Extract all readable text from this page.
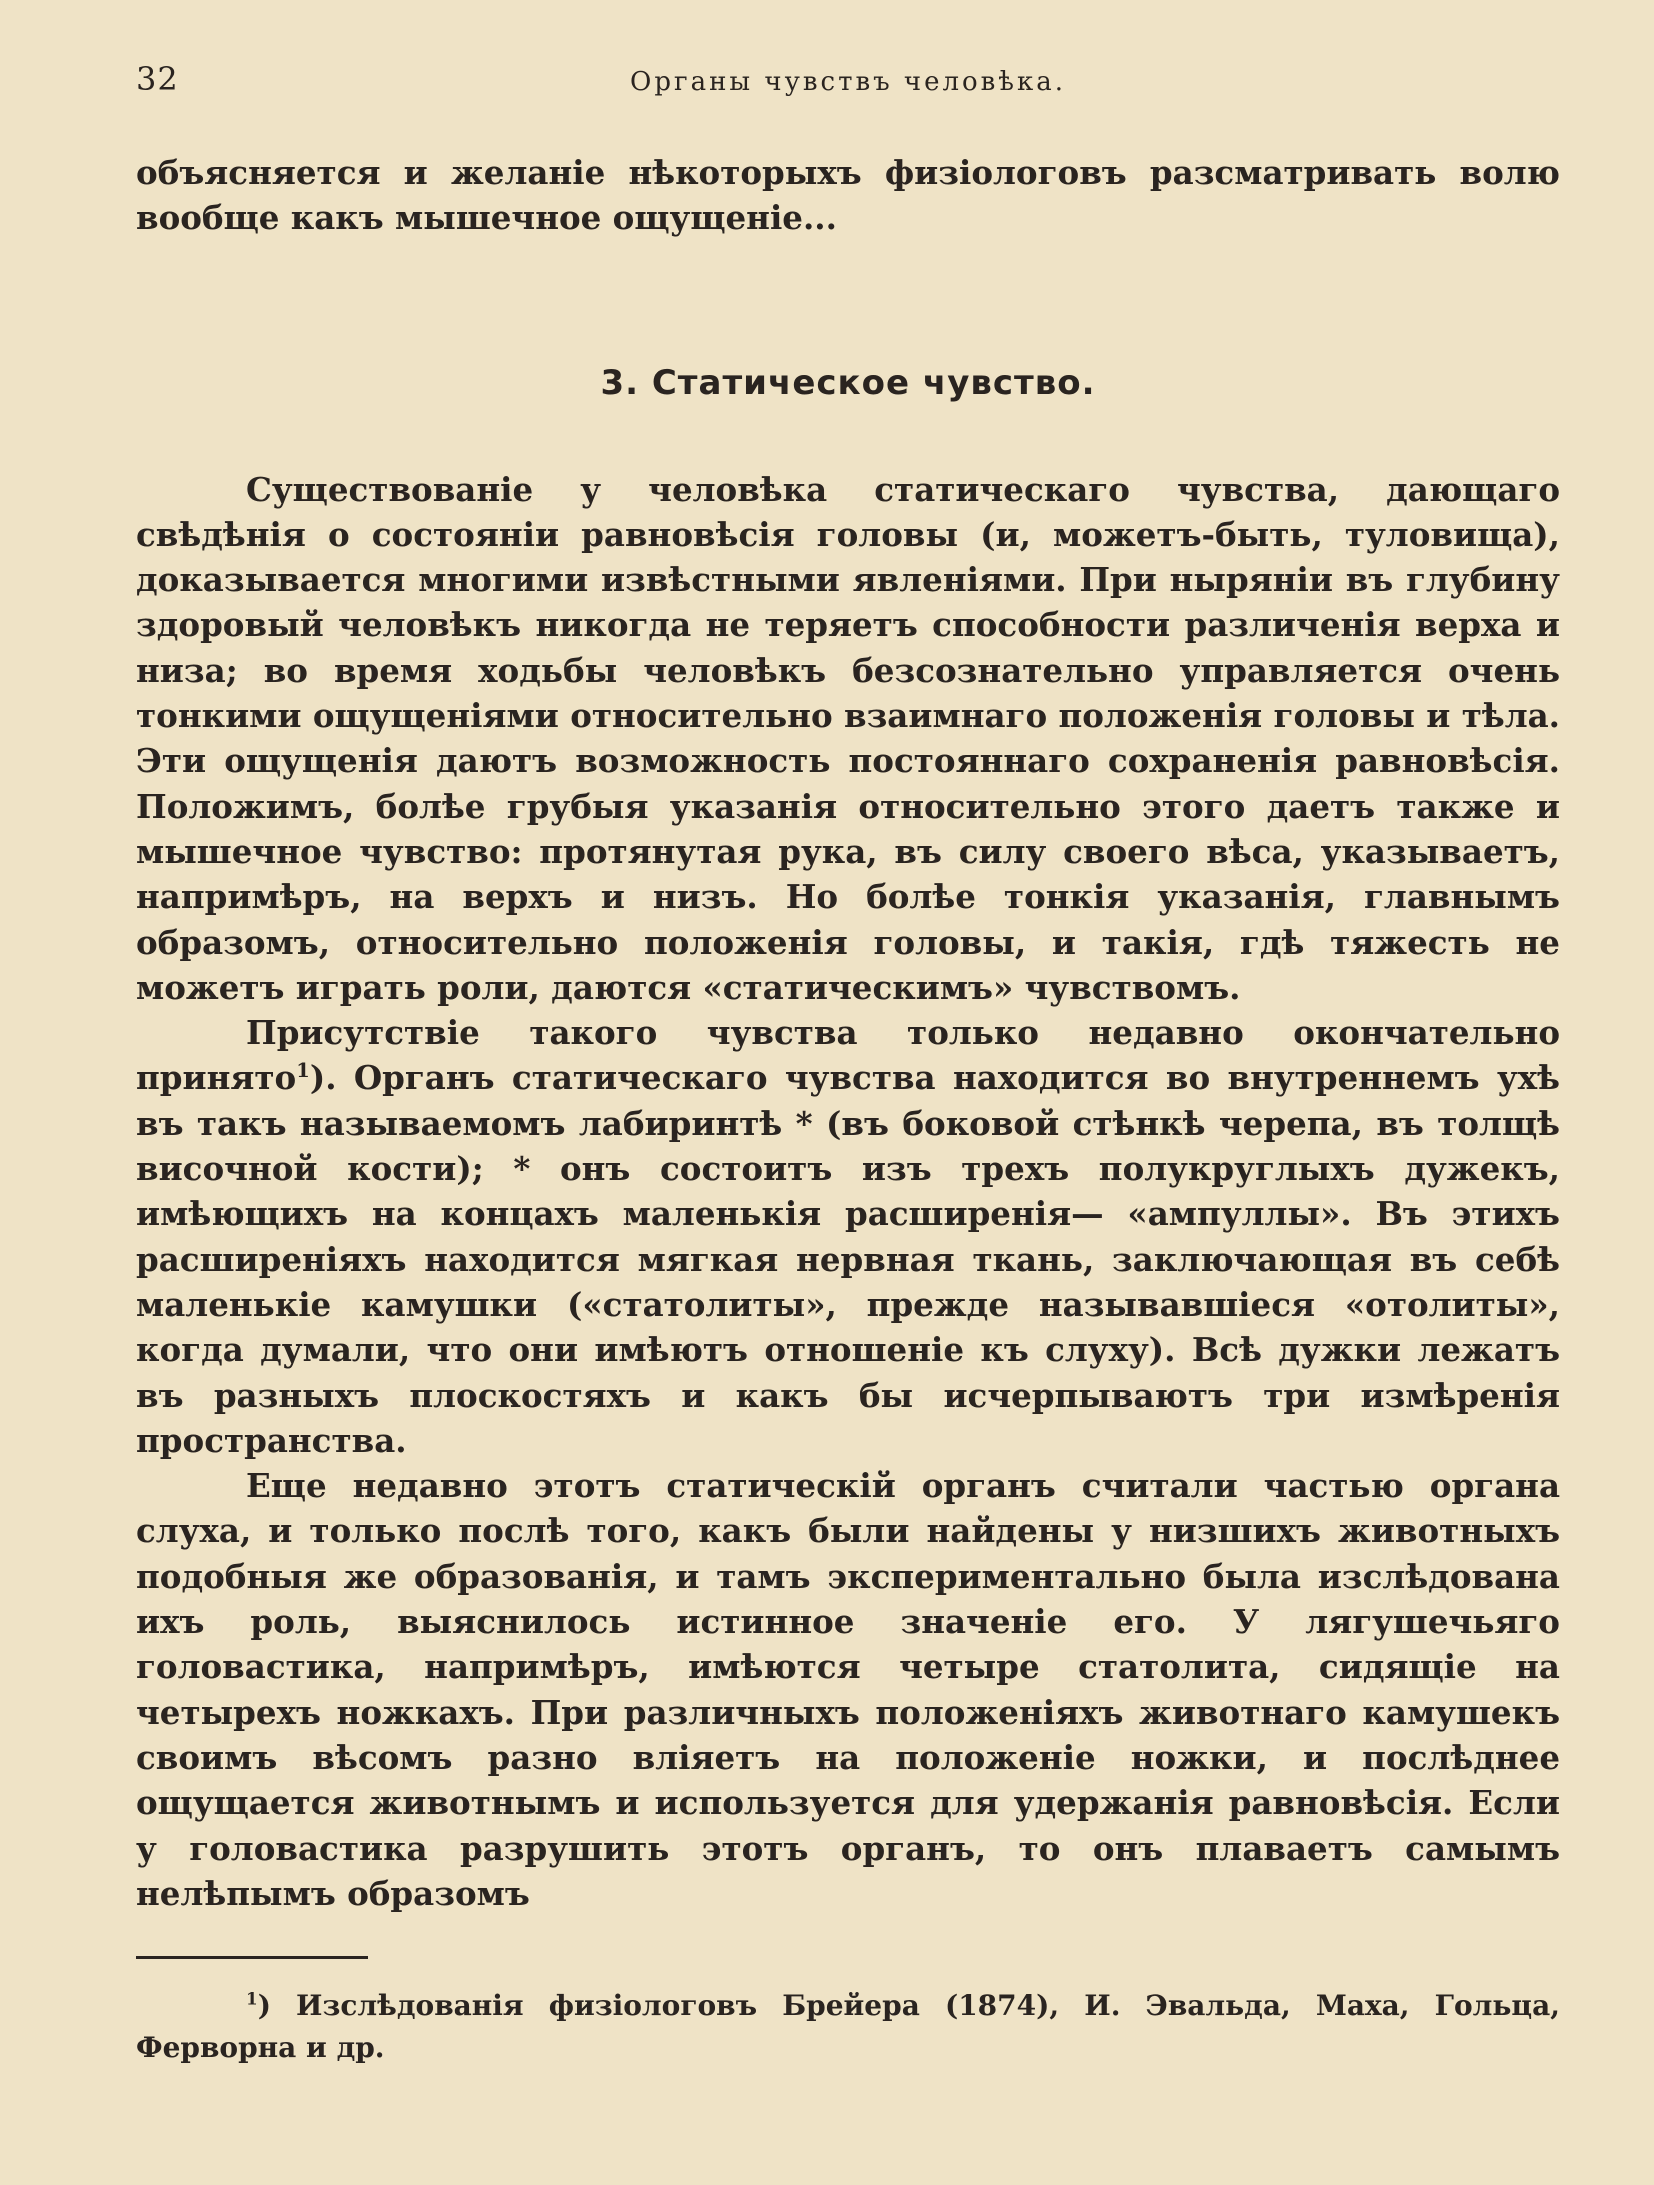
32	Органы чувствъ человѣка.

объясняется и желаніе нѣкоторыхъ физіологовъ разсматривать волю вообще какъ мышечное ощущеніе...

3. Статическое чувство.

Существованіе у человѣка статическаго чувства, дающаго свѣдѣнія о состояніи равновѣсія головы (и, можетъ-быть, туловища), доказывается многими извѣстными явленіями. При нырянiи въ глубину здоровый человѣкъ никогда не теряетъ способности различенія верха и низа; во время ходьбы человѣкъ безсознательно управляется очень тонкими ощущеніями относительно взаимнаго положенія головы и тѣла. Эти ощущенія даютъ возможность постояннаго сохраненія равновѣсія. Положимъ, болѣе грубыя указанія относительно этого даетъ также и мышечное чувство: протянутая рука, въ силу своего вѣса, указываетъ, напримѣръ, на верхъ и низъ. Но болѣе тонкія указанія, главнымъ образомъ, относительно положенія головы, и такія, гдѣ тяжесть не можетъ играть роли, даются «статическимъ» чувствомъ.

Присутствіе такого чувства только недавно окончательно принято$^1$). Органъ статическаго чувства находится во внутреннемъ ухѣ въ такъ называемомъ лабиринтѣ * (въ боковой стѣнкѣ черепа, въ толщѣ височной кости); * онъ состоитъ изъ трехъ полукруглыхъ дужекъ, имѣющихъ на концахъ маленькія расширенія— «ампуллы». Въ этихъ расширеніяхъ находится мягкая нервная ткань, заключающая въ себѣ маленькіе камушки («статолиты», прежде называвшіеся «отолиты», когда думали, что они имѣютъ отношеніе къ слуху). Всѣ дужки лежатъ въ разныхъ плоскостяхъ и какъ бы исчерпываютъ три измѣренія пространства.

Еще недавно этотъ статическій органъ считали частью органа слуха, и только послѣ того, какъ были найдены у низшихъ животныхъ подобныя же образованія, и тамъ экспериментально была изслѣдована ихъ роль, выяснилось истинное значеніе его. У лягушечьяго головастика, напримѣръ, имѣются четыре статолита, сидящіе на четырехъ ножкахъ. При различныхъ положеніяхъ животнаго камушекъ своимъ вѣсомъ разно вліяетъ на положеніе ножки, и послѣднее ощущается животнымъ и используется для удержанія равновѣсія. Если у головастика разрушить этотъ органъ, то онъ плаваетъ самымъ нелѣпымъ образомъ

$^1$) Изслѣдованія физіологовъ Брейера (1874), И. Эвальда, Маха, Гольца, Ферворна и др.
